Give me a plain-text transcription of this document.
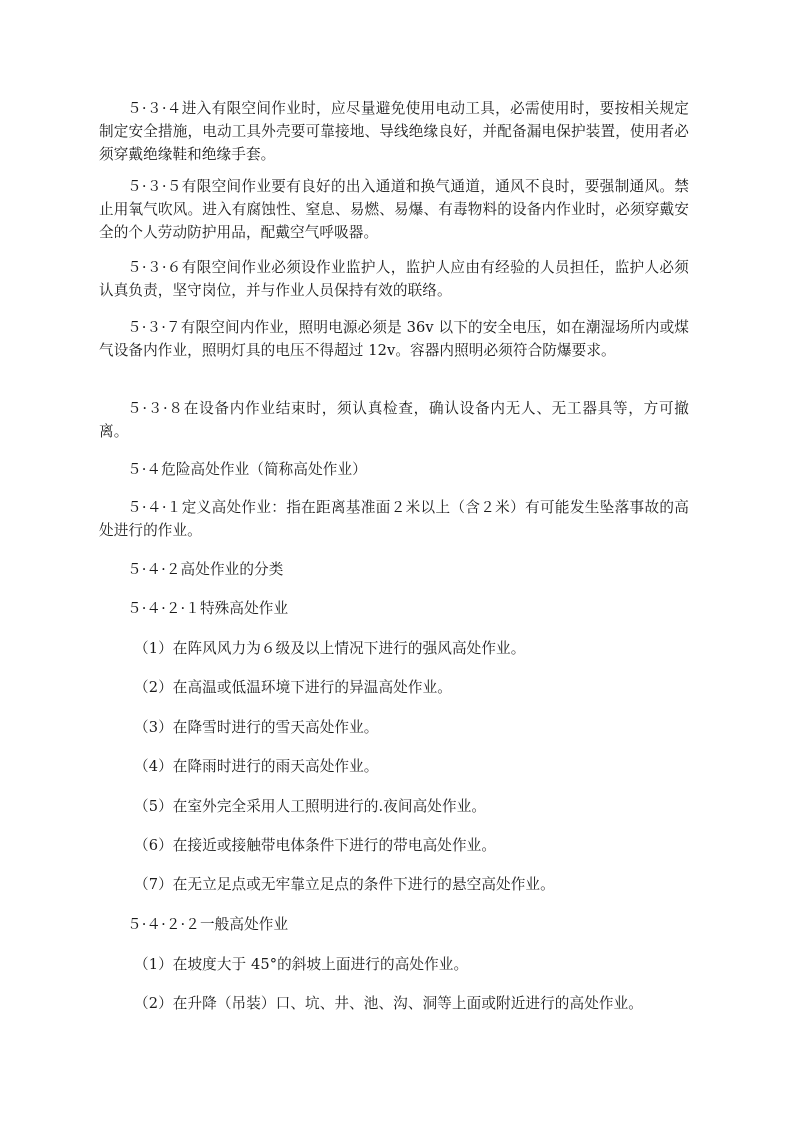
５·３·４进入有限空间作业时，应尽量避免使用电动工具，必需使用时，要按相关规定制定安全措施，电动工具外壳要可靠接地、导线绝缘良好，并配备漏电保护装置，使用者必须穿戴绝缘鞋和绝缘手套。

５·３·５有限空间作业要有良好的出入通道和换气通道，通风不良时，要强制通风。禁止用氧气吹风。进入有腐蚀性、窒息、易燃、易爆、有毒物料的设备内作业时，必须穿戴安全的个人劳动防护用品，配戴空气呼吸器。

５·３·６有限空间作业必须设作业监护人，监护人应由有经验的人员担任，监护人必须认真负责，坚守岗位，并与作业人员保持有效的联络。

５·３·７有限空间内作业，照明电源必须是 36v 以下的安全电压，如在潮湿场所内或煤气设备内作业，照明灯具的电压不得超过 12v。容器内照明必须符合防爆要求。

５·３·８在设备内作业结束时，须认真检查，确认设备内无人、无工器具等，方可撤离。

５·４危险高处作业（简称高处作业）

５·４·１定义高处作业：指在距离基准面２米以上（含２米）有可能发生坠落事故的高处进行的作业。

５·４·２高处作业的分类

５·４·２·１特殊高处作业

（1）在阵风风力为６级及以上情况下进行的强风高处作业。

（2）在高温或低温环境下进行的异温高处作业。

（3）在降雪时进行的雪天高处作业。

（4）在降雨时进行的雨天高处作业。

（5）在室外完全采用人工照明进行的.夜间高处作业。

（6）在接近或接触带电体条件下进行的带电高处作业。

（7）在无立足点或无牢靠立足点的条件下进行的悬空高处作业。

５·４·２·２一般高处作业

（1）在坡度大于 45°的斜坡上面进行的高处作业。

（2）在升降（吊装）口、坑、井、池、沟、洞等上面或附近进行的高处作业。
